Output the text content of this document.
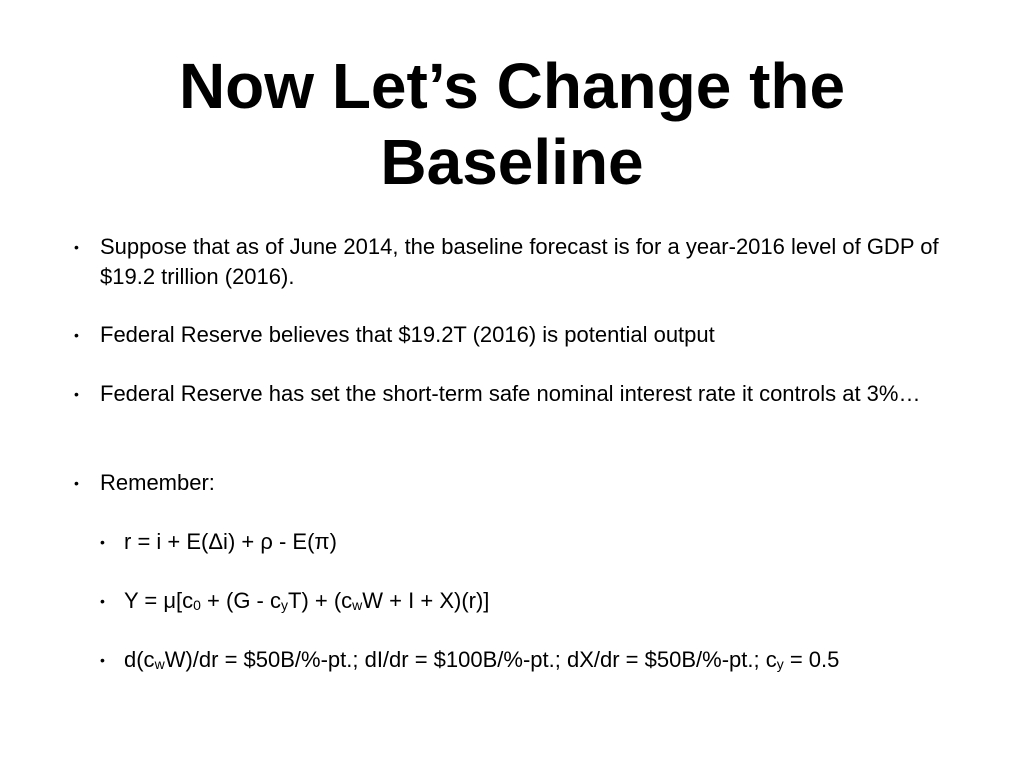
Now Let’s Change the
Baseline
• Suppose that as of June 2014, the baseline forecast is for a year-2016 level of GDP of $19.2 trillion (2016).
• Federal Reserve believes that $19.2T (2016) is potential output
• Federal Reserve has set the short-term safe nominal interest rate it controls at 3%…
• Remember:
• r = i + E(Δi) + ρ - E(π)
• $Y = \mu[c_0 + (G - c_yT) + (c_wW + I + X)(r)]$
• $d(c_wW)/dr$ = $50B/%-pt.; dI/dr = $100B/%-pt.; dX/dr = $50B/%-pt.; $c_y = 0.5$
